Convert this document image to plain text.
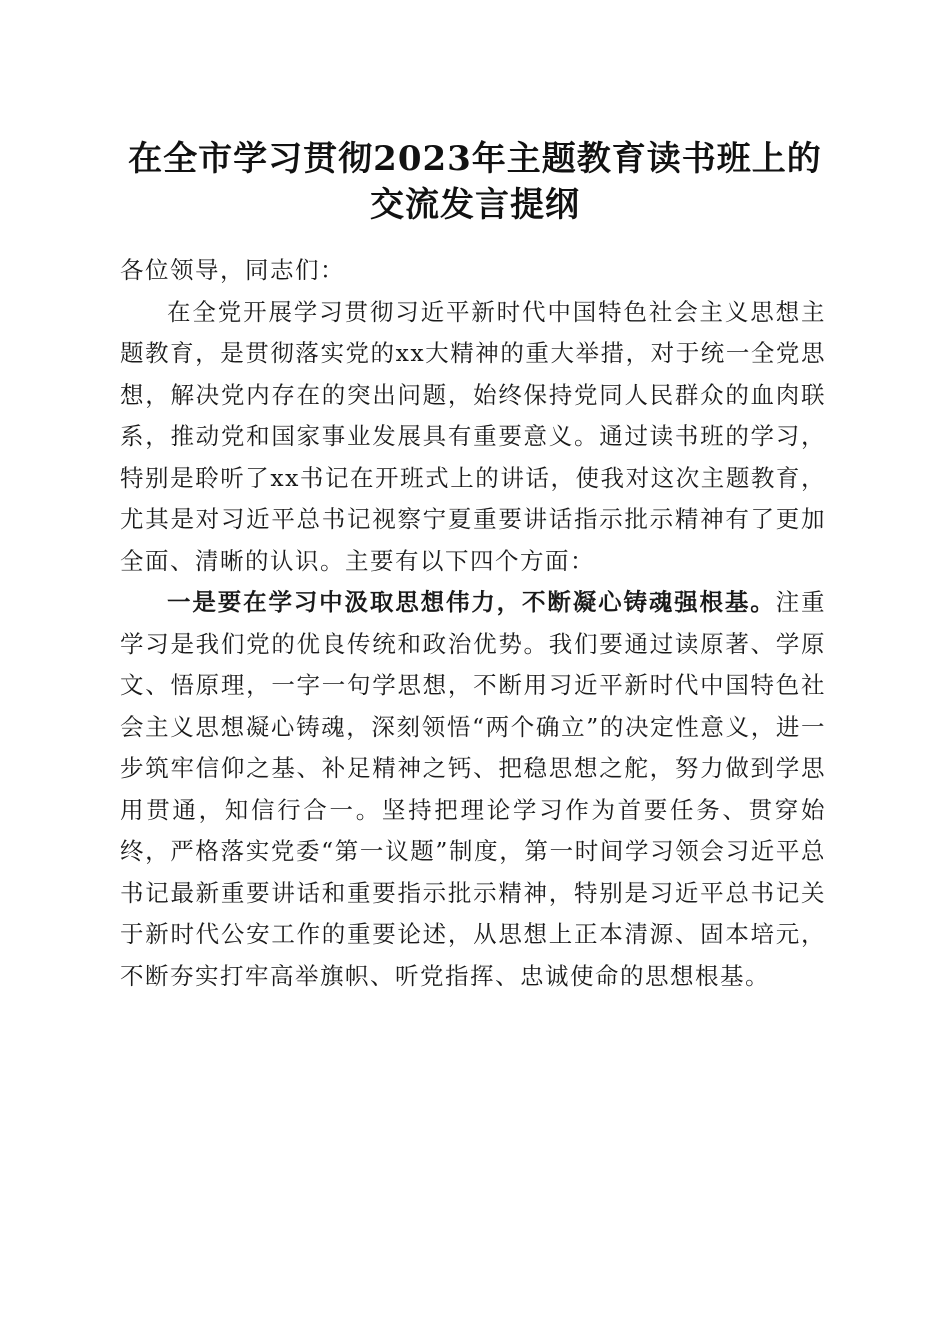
在全市学习贯彻2023年主题教育读书班上的
交流发言提纲

各位领导，同志们：

在全党开展学习贯彻习近平新时代中国特色社会主义思想主题教育，是贯彻落实党的xx大精神的重大举措，对于统一全党思想，解决党内存在的突出问题，始终保持党同人民群众的血肉联系，推动党和国家事业发展具有重要意义。通过读书班的学习，特别是聆听了xx书记在开班式上的讲话，使我对这次主题教育，尤其是对习近平总书记视察宁夏重要讲话指示批示精神有了更加全面、清晰的认识。主要有以下四个方面：

一是要在学习中汲取思想伟力，不断凝心铸魂强根基。注重学习是我们党的优良传统和政治优势。我们要通过读原著、学原文、悟原理，一字一句学思想，不断用习近平新时代中国特色社会主义思想凝心铸魂，深刻领悟“两个确立”的决定性意义，进一步筑牢信仰之基、补足精神之钙、把稳思想之舵，努力做到学思用贯通，知信行合一。坚持把理论学习作为首要任务、贯穿始终，严格落实党委“第一议题”制度，第一时间学习领会习近平总书记最新重要讲话和重要指示批示精神，特别是习近平总书记关于新时代公安工作的重要论述，从思想上正本清源、固本培元，不断夯实打牢高举旗帜、听党指挥、忠诚使命的思想根基。
